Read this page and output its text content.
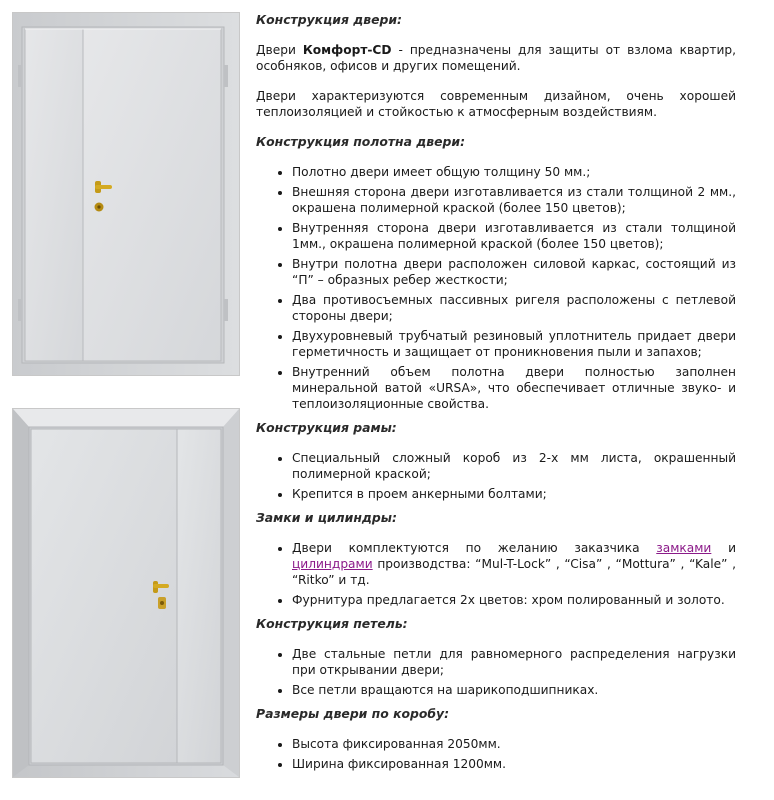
Конструкция двери:

Двери Комфорт-CD - предназначены для защиты от взлома квартир, особняков, офисов и других помещений.

Двери характеризуются современным дизайном, очень хорошей теплоизоляцией и стойкостью к атмосферным воздействиям.

Конструкция полотна двери:
• Полотно двери имеет общую толщину 50 мм.;
• Внешняя сторона двери изготавливается из стали толщиной 2 мм., окрашена полимерной краской (более 150 цветов);
• Внутренняя сторона двери изготавливается из стали толщиной 1мм., окрашена полимерной краской (более 150 цветов);
• Внутри полотна двери расположен силовой каркас, состоящий из “П” – образных ребер жесткости;
• Два противосъемных пассивных ригеля расположены с петлевой стороны двери;
• Двухуровневый трубчатый резиновый уплотнитель придает двери герметичность и защищает от проникновения пыли и запахов;
• Внутренний объем полотна двери полностью заполнен минеральной ватой «URSA», что обеспечивает отличные звуко- и теплоизоляционные свойства.
Конструкция рамы:
• Специальный сложный короб из 2-х мм листа, окрашенный полимерной краской;
• Крепится в проем анкерными болтами;
Замки и цилиндры:
• Двери комплектуются по желанию заказчика замками и цилиндрами производства: “Mul-T-Lock” , “Cisa” , “Mottura” , “Kale” , “Ritko” и тд.
• Фурнитура предлагается 2х цветов: хром полированный и золото.
Конструкция петель:
• Две стальные петли для равномерного распределения нагрузки при открывании двери;
• Все петли вращаются на шарикоподшипниках.
Размеры двери по коробу:
• Высота фиксированная 2050мм.
• Ширина фиксированная 1200мм.
